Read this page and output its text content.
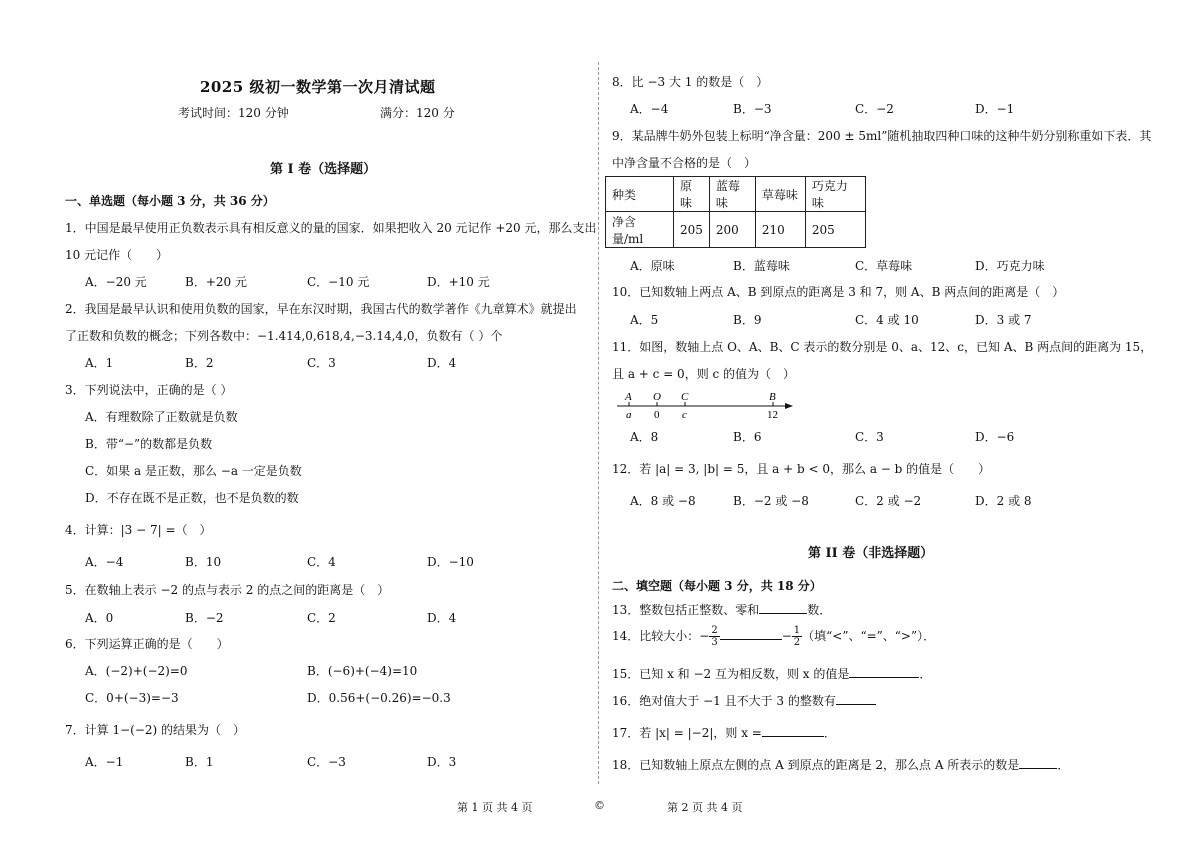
2025 级初一数学第一次月清试题
考试时间：120 分钟	满分：120 分
第 I 卷（选择题）
一、单选题（每小题 3 分，共 36 分）
1．中国是最早使用正负数表示具有相反意义的量的国家．如果把收入 20 元记作 +20 元，那么支出
10 元记作（　　）
A．−20 元	B．+20 元	C．−10 元	D．+10 元
2．我国是最早认识和使用负数的国家，早在东汉时期，我国古代的数学著作《九章算术》就提出
了正数和负数的概念；下列各数中：−1.414,0,618,4,−3.14,4,0，负数有（ ）个
A．1	B．2	C．3	D．4
3．下列说法中，正确的是（ ）
A．有理数除了正数就是负数
B．带“−”的数都是负数
C．如果 a 是正数，那么 −a 一定是负数
D．不存在既不是正数，也不是负数的数
4．计算：|3 − 7| =（　）
A．−4	B．10	C．4	D．−10
5．在数轴上表示 −2 的点与表示 2 的点之间的距离是（　）
A．0	B．−2	C．2	D．4
6．下列运算正确的是（　　）
A．(−2)+(−2)=0	B．(−6)+(−4)=10
C．0+(−3)=−3	D．0.56+(−0.26)=−0.3
7．计算 1−(−2) 的结果为（　）
A．−1	B．1	C．−3	D．3
8．比 −3 大 1 的数是（　）
A．−4	B．−3	C．−2	D．−1
9．某品牌牛奶外包装上标明“净含量：200 ± 5ml”随机抽取四种口味的这种牛奶分别称重如下表．其
中净含量不合格的是（　）
种类	原味	蓝莓味	草莓味	巧克力味
净含量/ml	205	200	210	205
A．原味	B．蓝莓味	C．草莓味	D．巧克力味
10．已知数轴上两点 A、B 到原点的距离是 3 和 7，则 A、B 两点间的距离是（　）
A．5	B．9	C．4 或 10	D．3 或 7
11．如图，数轴上点 O、A、B、C 表示的数分别是 0、a、12、c，已知 A、B 两点间的距离为 15，
且 a + c = 0，则 c 的值为（　）
A O C	B
a 0 c	12
A．8	B．6	C．3	D．−6
12．若 |a| = 3, |b| = 5，且 a + b < 0，那么 a − b 的值是（　　）
A．8 或 −8	B．−2 或 −8	C．2 或 −2	D．2 或 8
第 II 卷（非选择题）
二、填空题（每小题 3 分，共 18 分）
13．整数包括正整数、零和	数．
14．比较大小：− $\frac{2}{3}$	− $\frac{1}{2}$ （填“<”、“=”、“>”）．
15．已知 x 和 −2 互为相反数，则 x 的值是	．
16．绝对值大于 −1 且不大于 3 的整数有
17．若 |x| = |−2|，则 x =	．
18．已知数轴上原点左侧的点 A 到原点的距离是 2，那么点 A 所表示的数是	．
第 1 页 共 4 页	©	第 2 页 共 4 页
